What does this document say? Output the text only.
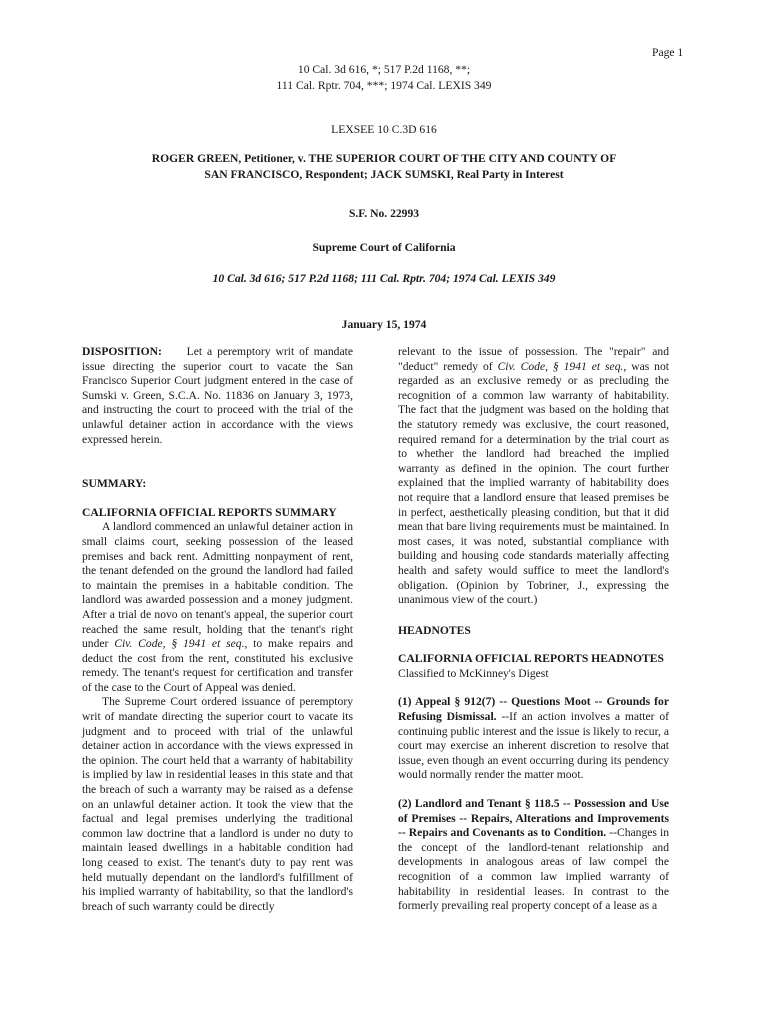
Page 1
10 Cal. 3d 616, *; 517 P.2d 1168, **;
111 Cal. Rptr. 704, ***; 1974 Cal. LEXIS 349
LEXSEE 10 C.3D 616
ROGER GREEN, Petitioner, v. THE SUPERIOR COURT OF THE CITY AND COUNTY OF SAN FRANCISCO, Respondent; JACK SUMSKI, Real Party in Interest
S.F. No. 22993
Supreme Court of California
10 Cal. 3d 616; 517 P.2d 1168; 111 Cal. Rptr. 704; 1974 Cal. LEXIS 349
January 15, 1974

DISPOSITION: Let a peremptory writ of mandate issue directing the superior court to vacate the San Francisco Superior Court judgment entered in the case of Sumski v. Green, S.C.A. No. 11836 on January 3, 1973, and instructing the court to proceed with the trial of the unlawful detainer action in accordance with the views expressed herein.

SUMMARY:

CALIFORNIA OFFICIAL REPORTS SUMMARY

A landlord commenced an unlawful detainer action in small claims court, seeking possession of the leased premises and back rent. Admitting nonpayment of rent, the tenant defended on the ground the landlord had failed to maintain the premises in a habitable condition. The landlord was awarded possession and a money judgment. After a trial de novo on tenant's appeal, the superior court reached the same result, holding that the tenant's right under Civ. Code, § 1941 et seq., to make repairs and deduct the cost from the rent, constituted his exclusive remedy. The tenant's request for certification and transfer of the case to the Court of Appeal was denied.

The Supreme Court ordered issuance of peremptory writ of mandate directing the superior court to vacate its judgment and to proceed with trial of the unlawful detainer action in accordance with the views expressed in the opinion. The court held that a warranty of habitability is implied by law in residential leases in this state and that the breach of such a warranty may be raised as a defense on an unlawful detainer action. It took the view that the factual and legal premises underlying the traditional common law doctrine that a landlord is under no duty to maintain leased dwellings in a habitable condition had long ceased to exist. The tenant's duty to pay rent was held mutually dependant on the landlord's fulfillment of his implied warranty of habitability, so that the landlord's breach of such warranty could be directly

relevant to the issue of possession. The "repair" and "deduct" remedy of Civ. Code, § 1941 et seq., was not regarded as an exclusive remedy or as precluding the recognition of a common law warranty of habitability. The fact that the judgment was based on the holding that the statutory remedy was exclusive, the court reasoned, required remand for a determination by the trial court as to whether the landlord had breached the implied warranty as defined in the opinion. The court further explained that the implied warranty of habitability does not require that a landlord ensure that leased premises be in perfect, aesthetically pleasing condition, but that it did mean that bare living requirements must be maintained. In most cases, it was noted, substantial compliance with building and housing code standards materially affecting health and safety would suffice to meet the landlord's obligation. (Opinion by Tobriner, J., expressing the unanimous view of the court.)

HEADNOTES

CALIFORNIA OFFICIAL REPORTS HEADNOTES

Classified to McKinney's Digest

(1) Appeal § 912(7) -- Questions Moot -- Grounds for Refusing Dismissal. --If an action involves a matter of continuing public interest and the issue is likely to recur, a court may exercise an inherent discretion to resolve that issue, even though an event occurring during its pendency would normally render the matter moot.

(2) Landlord and Tenant § 118.5 -- Possession and Use of Premises -- Repairs, Alterations and Improvements -- Repairs and Covenants as to Condition. --Changes in the concept of the landlord-tenant relationship and developments in analogous areas of law compel the recognition of a common law implied warranty of habitability in residential leases. In contrast to the formerly prevailing real property concept of a lease as a
